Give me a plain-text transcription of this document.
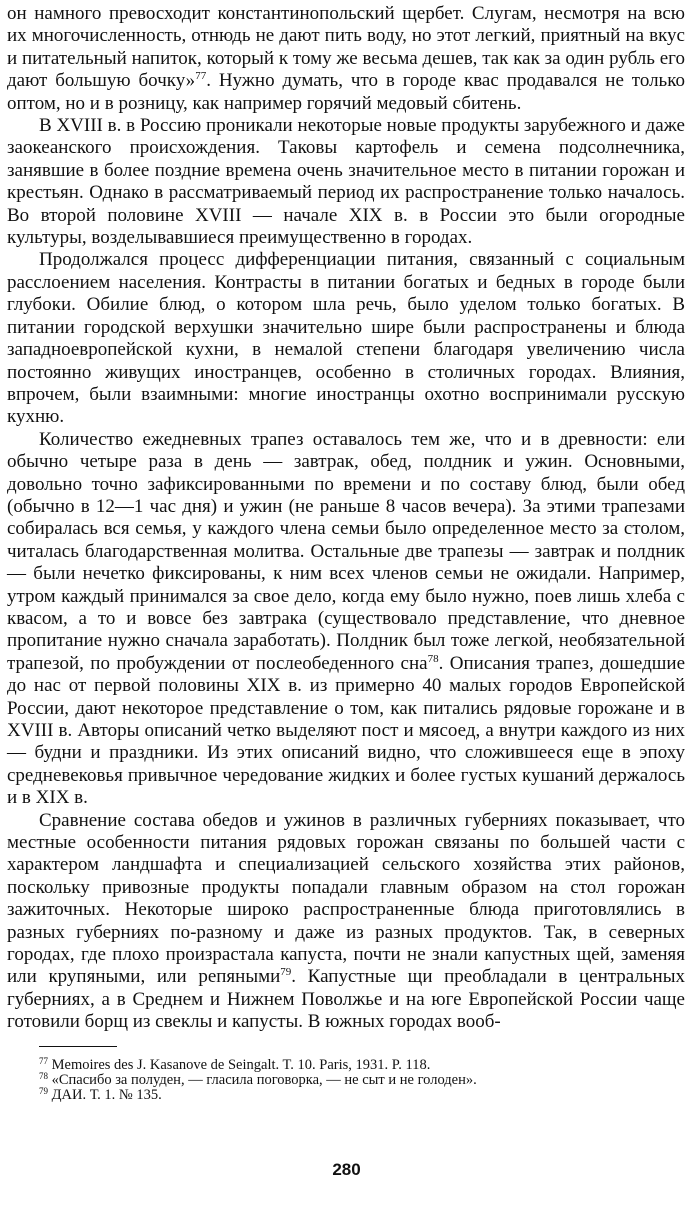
он намного превосходит константинопольский щербет. Слугам, несмотря на всю их многочисленность, отнюдь не дают пить воду, но этот легкий, приятный на вкус и питательный напиток, который к тому же весьма дешев, так как за один рубль его дают большую бочку»$^{77}$. Нужно думать, что в городе квас продавался не только оптом, но и в розницу, как например горячий медовый сбитень.

В XVIII в. в Россию проникали некоторые новые продукты зарубежного и даже заокеанского происхождения. Таковы картофель и семена подсолнечника, занявшие в более поздние времена очень значительное место в питании горожан и крестьян. Однако в рассматриваемый период их распространение только началось. Во второй половине XVIII — начале XIX в. в России это были огородные культуры, возделывавшиеся преимущественно в городах.

Продолжался процесс дифференциации питания, связанный с социальным расслоением населения. Контрасты в питании богатых и бедных в городе были глубоки. Обилие блюд, о котором шла речь, было уделом только богатых. В питании городской верхушки значительно шире были распространены и блюда западноевропейской кухни, в немалой степени благодаря увеличению числа постоянно живущих иностранцев, особенно в столичных городах. Влияния, впрочем, были взаимными: многие иностранцы охотно воспринимали русскую кухню.

Количество ежедневных трапез оставалось тем же, что и в древности: ели обычно четыре раза в день — завтрак, обед, полдник и ужин. Основными, довольно точно зафиксированными по времени и по составу блюд, были обед (обычно в 12—1 час дня) и ужин (не раньше 8 часов вечера). За этими трапезами собиралась вся семья, у каждого члена семьи было определенное место за столом, читалась благодарственная молитва. Остальные две трапезы — завтрак и полдник — были нечетко фиксированы, к ним всех членов семьи не ожидали. Например, утром каждый принимался за свое дело, когда ему было нужно, поев лишь хлеба с квасом, а то и вовсе без завтрака (существовало представление, что дневное пропитание нужно сначала заработать). Полдник был тоже легкой, необязательной трапезой, по пробуждении от послеобеденного сна$^{78}$. Описания трапез, дошедшие до нас от первой половины XIX в. из примерно 40 малых городов Европейской России, дают некоторое представление о том, как питались рядовые горожане и в XVIII в. Авторы описаний четко выделяют пост и мясоед, а внутри каждого из них — будни и праздники. Из этих описаний видно, что сложившееся еще в эпоху средневековья привычное чередование жидких и более густых кушаний держалось и в XIX в.

Сравнение состава обедов и ужинов в различных губерниях показывает, что местные особенности питания рядовых горожан связаны по большей части с характером ландшафта и специализацией сельского хозяйства этих районов, поскольку привозные продукты попадали главным образом на стол горожан зажиточных. Некоторые широко распространенные блюда приготовлялись в разных губерниях по-разному и даже из разных продуктов. Так, в северных городах, где плохо произрастала капуста, почти не знали капустных щей, заменяя или крупяными, или репяными$^{79}$. Капустные щи преобладали в центральных губерниях, а в Среднем и Нижнем Поволжье и на юге Европейской России чаще готовили борщ из свеклы и капусты. В южных городах вооб-

$^{77}$ Memoires des J. Kasanove de Seingalt. T. 10. Paris, 1931. P. 118.

$^{78}$ «Спасибо за полуден, — гласила поговорка, — не сыт и не голоден».

$^{79}$ ДАИ. Т. 1. № 135.

280
